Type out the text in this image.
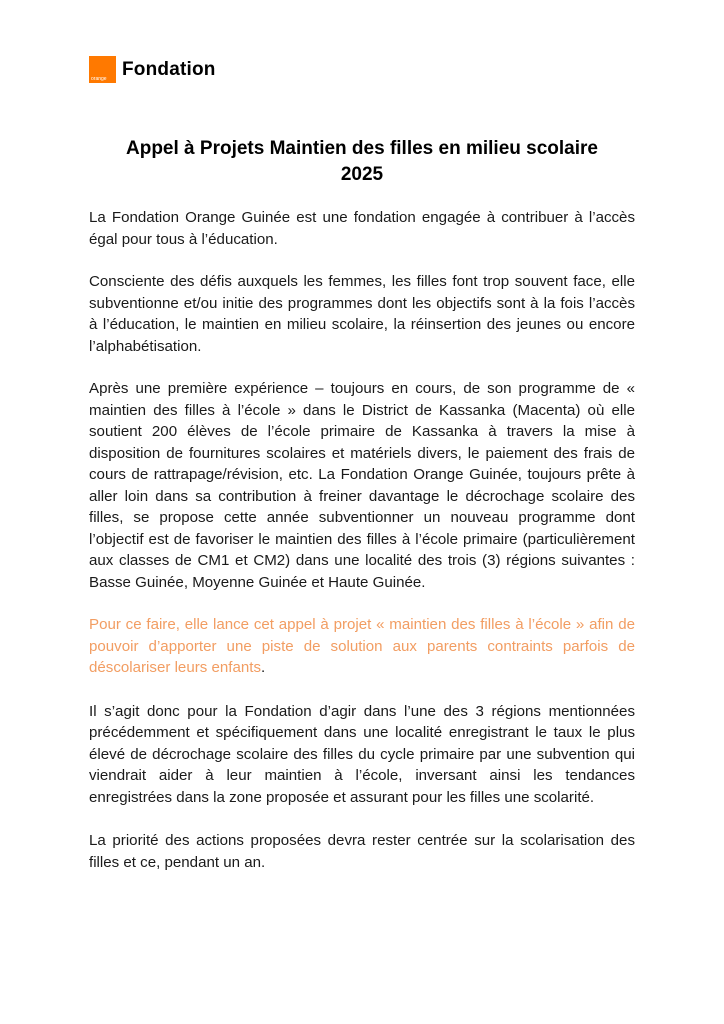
orange Fondation
Appel à Projets Maintien des filles en milieu scolaire
2025

La Fondation Orange Guinée est une fondation engagée à contribuer à l’accès égal pour tous à l’éducation.

Consciente des défis auxquels les femmes, les filles font trop souvent face, elle subventionne et/ou initie des programmes dont les objectifs sont à la fois l’accès à l’éducation, le maintien en milieu scolaire, la réinsertion des jeunes ou encore l’alphabétisation.

Après une première expérience – toujours en cours, de son programme de « maintien des filles à l’école » dans le District de Kassanka (Macenta) où elle soutient 200 élèves de l’école primaire de Kassanka à travers la mise à disposition de fournitures scolaires et matériels divers, le paiement des frais de cours de rattrapage/révision, etc. La Fondation Orange Guinée, toujours prête à aller loin dans sa contribution à freiner davantage le décrochage scolaire des filles, se propose cette année subventionner un nouveau programme dont l’objectif est de favoriser le maintien des filles à l’école primaire (particulièrement aux classes de CM1 et CM2) dans une localité des trois (3) régions suivantes : Basse Guinée, Moyenne Guinée et Haute Guinée.

Pour ce faire, elle lance cet appel à projet « maintien des filles à l’école » afin de pouvoir d’apporter une piste de solution aux parents contraints parfois de déscolariser leurs enfants.

Il s’agit donc pour la Fondation d’agir dans l’une des 3 régions mentionnées précédemment et spécifiquement dans une localité enregistrant le taux le plus élevé de décrochage scolaire des filles du cycle primaire par une subvention qui viendrait aider à leur maintien à l’école, inversant ainsi les tendances enregistrées dans la zone proposée et assurant pour les filles une scolarité.

La priorité des actions proposées devra rester centrée sur la scolarisation des filles et ce, pendant un an.
